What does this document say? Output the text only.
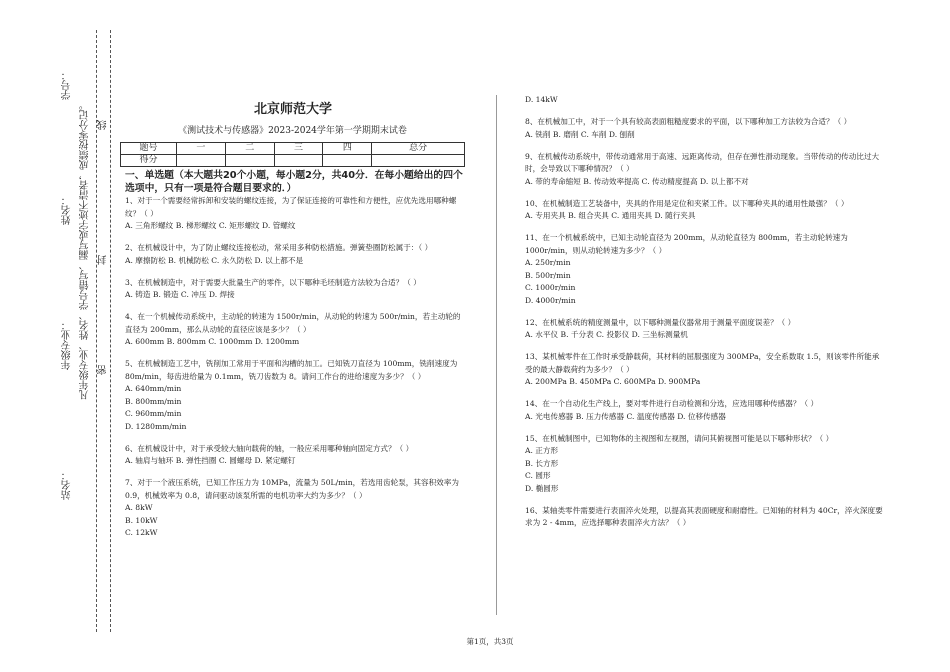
学号：
姓名：
年级专业：
站名：
凡年级专业、姓名、学号错写、漏写或字迹不清者，成绩按零分记。 线
封
密
北京师范大学
《测试技术与传感器》2023-2024学年第一学期期末试卷
题号	一	二	三	四	总分
得分					
一、单选题（本大题共20个小题，每小题2分，共40分．在每小题给出的四个选项中，只有一项是符合题目要求的．）

1、对于一个需要经常拆卸和安装的螺纹连接，为了保证连接的可靠性和方便性，应优先选用哪种螺纹？（ ）

A. 三角形螺纹 B. 梯形螺纹 C. 矩形螺纹 D. 管螺纹

2、在机械设计中，为了防止螺纹连接松动，常采用多种防松措施。弹簧垫圈防松属于：（ ）

A. 摩擦防松 B. 机械防松 C. 永久防松 D. 以上都不是

3、在机械制造中，对于需要大批量生产的零件，以下哪种毛坯制造方法较为合适？（ ）

A. 铸造 B. 锻造 C. 冲压 D. 焊接

4、在一个机械传动系统中，主动轮的转速为 1500r/min，从动轮的转速为 500r/min，若主动轮的直径为 200mm，那么从动轮的直径应该是多少？（ ）

A. 600mm B. 800mm C. 1000mm D. 1200mm

5、在机械制造工艺中，铣削加工常用于平面和沟槽的加工。已知铣刀直径为 100mm，铣削速度为 80m/min，每齿进给量为 0.1mm，铣刀齿数为 8。请问工作台的进给速度为多少？（ ）

A. 640mm/min

B. 800mm/min

C. 960mm/min

D. 1280mm/min

6、在机械设计中，对于承受较大轴向载荷的轴，一般应采用哪种轴向固定方式？（ ）

A. 轴肩与轴环 B. 弹性挡圈 C. 圆螺母 D. 紧定螺钉

7、对于一个液压系统，已知工作压力为 10MPa，流量为 50L/min，若选用齿轮泵，其容积效率为 0.9，机械效率为 0.8，请问驱动该泵所需的电机功率大约为多少？（ ）

A. 8kW

B. 10kW

C. 12kW

D. 14kW

8、在机械加工中，对于一个具有较高表面粗糙度要求的平面，以下哪种加工方法较为合适？（ ）

A. 铣削 B. 磨削 C. 车削 D. 刨削

9、在机械传动系统中，带传动通常用于高速、远距离传动，但存在弹性滑动现象。当带传动的传动比过大时，会导致以下哪种情况？（ ）

A. 带的寿命缩短 B. 传动效率提高 C. 传动精度提高 D. 以上都不对

10、在机械制造工艺装备中，夹具的作用是定位和夹紧工件。以下哪种夹具的通用性最强？（ ）

A. 专用夹具 B. 组合夹具 C. 通用夹具 D. 随行夹具

11、在一个机械系统中，已知主动轮直径为 200mm，从动轮直径为 800mm，若主动轮转速为 1000r/min，则从动轮转速为多少？（ ）

A. 250r/min

B. 500r/min

C. 1000r/min

D. 4000r/min

12、在机械系统的精度测量中，以下哪种测量仪器常用于测量平面度误差？（ ）

A. 水平仪 B. 千分表 C. 投影仪 D. 三坐标测量机

13、某机械零件在工作时承受静载荷，其材料的屈服强度为 300MPa，安全系数取 1.5，则该零件所能承受的最大静载荷约为多少？（ ）

A. 200MPa B. 450MPa C. 600MPa D. 900MPa

14、在一个自动化生产线上，要对零件进行自动检测和分选，应选用哪种传感器？（ ）

A. 光电传感器 B. 压力传感器 C. 温度传感器 D. 位移传感器

15、在机械制图中，已知物体的主视图和左视图，请问其俯视图可能是以下哪种形状？（ ）

A. 正方形

B. 长方形

C. 圆形

D. 椭圆形

16、某轴类零件需要进行表面淬火处理，以提高其表面硬度和耐磨性。已知轴的材料为 40Cr，淬火深度要求为 2 - 4mm，应选择哪种表面淬火方法？（ ）

第1页，共3页
